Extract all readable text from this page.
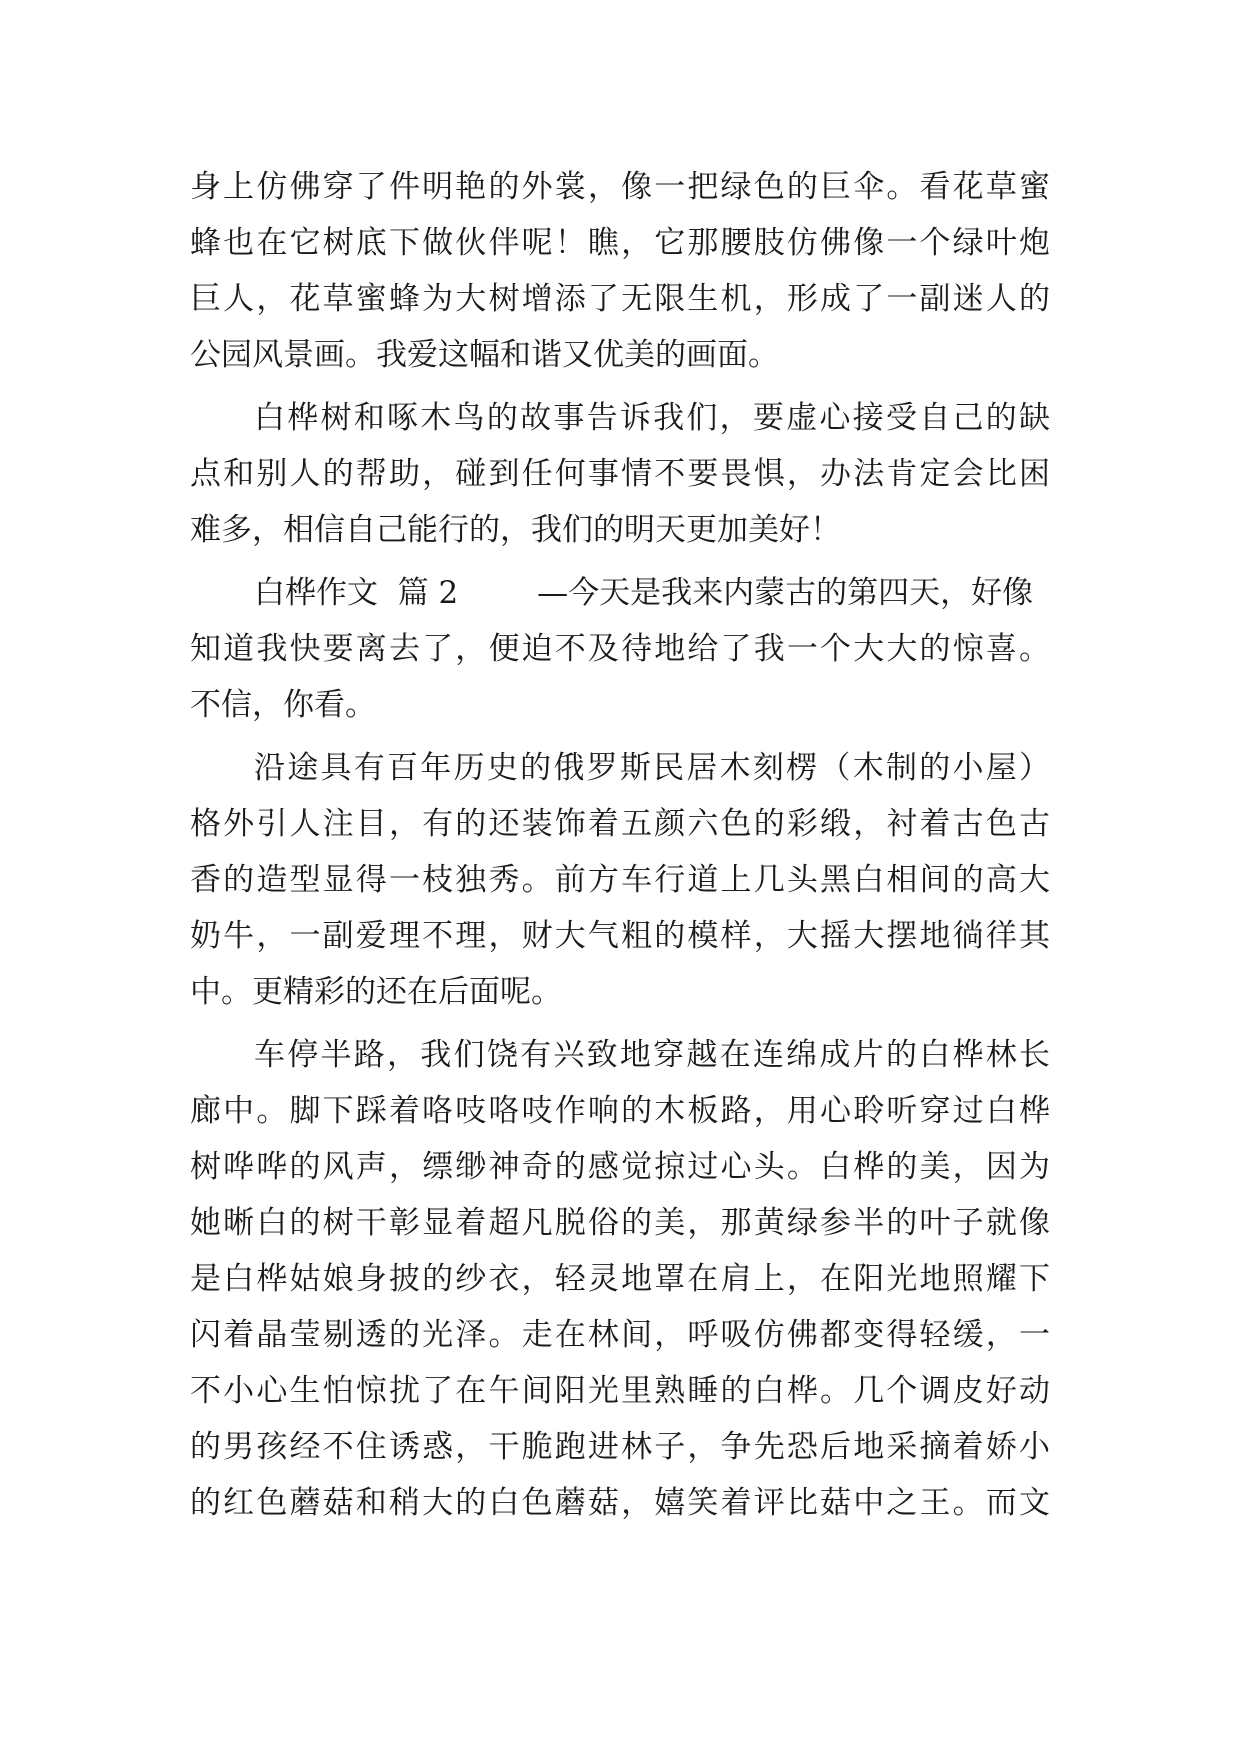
身上仿佛穿了件明艳的外裳，像一把绿色的巨伞。看花草蜜
蜂也在它树底下做伙伴呢！瞧，它那腰肢仿佛像一个绿叶炮
巨人，花草蜜蜂为大树增添了无限生机，形成了一副迷人的
公园风景画。我爱这幅和谐又优美的画面。
白桦树和啄木鸟的故事告诉我们，要虚心接受自己的缺
点和别人的帮助，碰到任何事情不要畏惧，办法肯定会比困
难多，相信自己能行的，我们的明天更加美好！
白桦作文  篇 2        —今天是我来内蒙古的第四天，好像
知道我快要离去了，便迫不及待地给了我一个大大的惊喜。
不信，你看。
沿途具有百年历史的俄罗斯民居木刻楞（木制的小屋）
格外引人注目，有的还装饰着五颜六色的彩缎，衬着古色古
香的造型显得一枝独秀。前方车行道上几头黑白相间的高大
奶牛，一副爱理不理，财大气粗的模样，大摇大摆地徜徉其
中。更精彩的还在后面呢。
车停半路，我们饶有兴致地穿越在连绵成片的白桦林长
廊中。脚下踩着咯吱咯吱作响的木板路，用心聆听穿过白桦
树哗哗的风声，缥缈神奇的感觉掠过心头。白桦的美，因为
她晰白的树干彰显着超凡脱俗的美，那黄绿参半的叶子就像
是白桦姑娘身披的纱衣，轻灵地罩在肩上，在阳光地照耀下
闪着晶莹剔透的光泽。走在林间，呼吸仿佛都变得轻缓，一
不小心生怕惊扰了在午间阳光里熟睡的白桦。几个调皮好动
的男孩经不住诱惑，干脆跑进林子，争先恐后地采摘着娇小
的红色蘑菇和稍大的白色蘑菇，嬉笑着评比菇中之王。而文
